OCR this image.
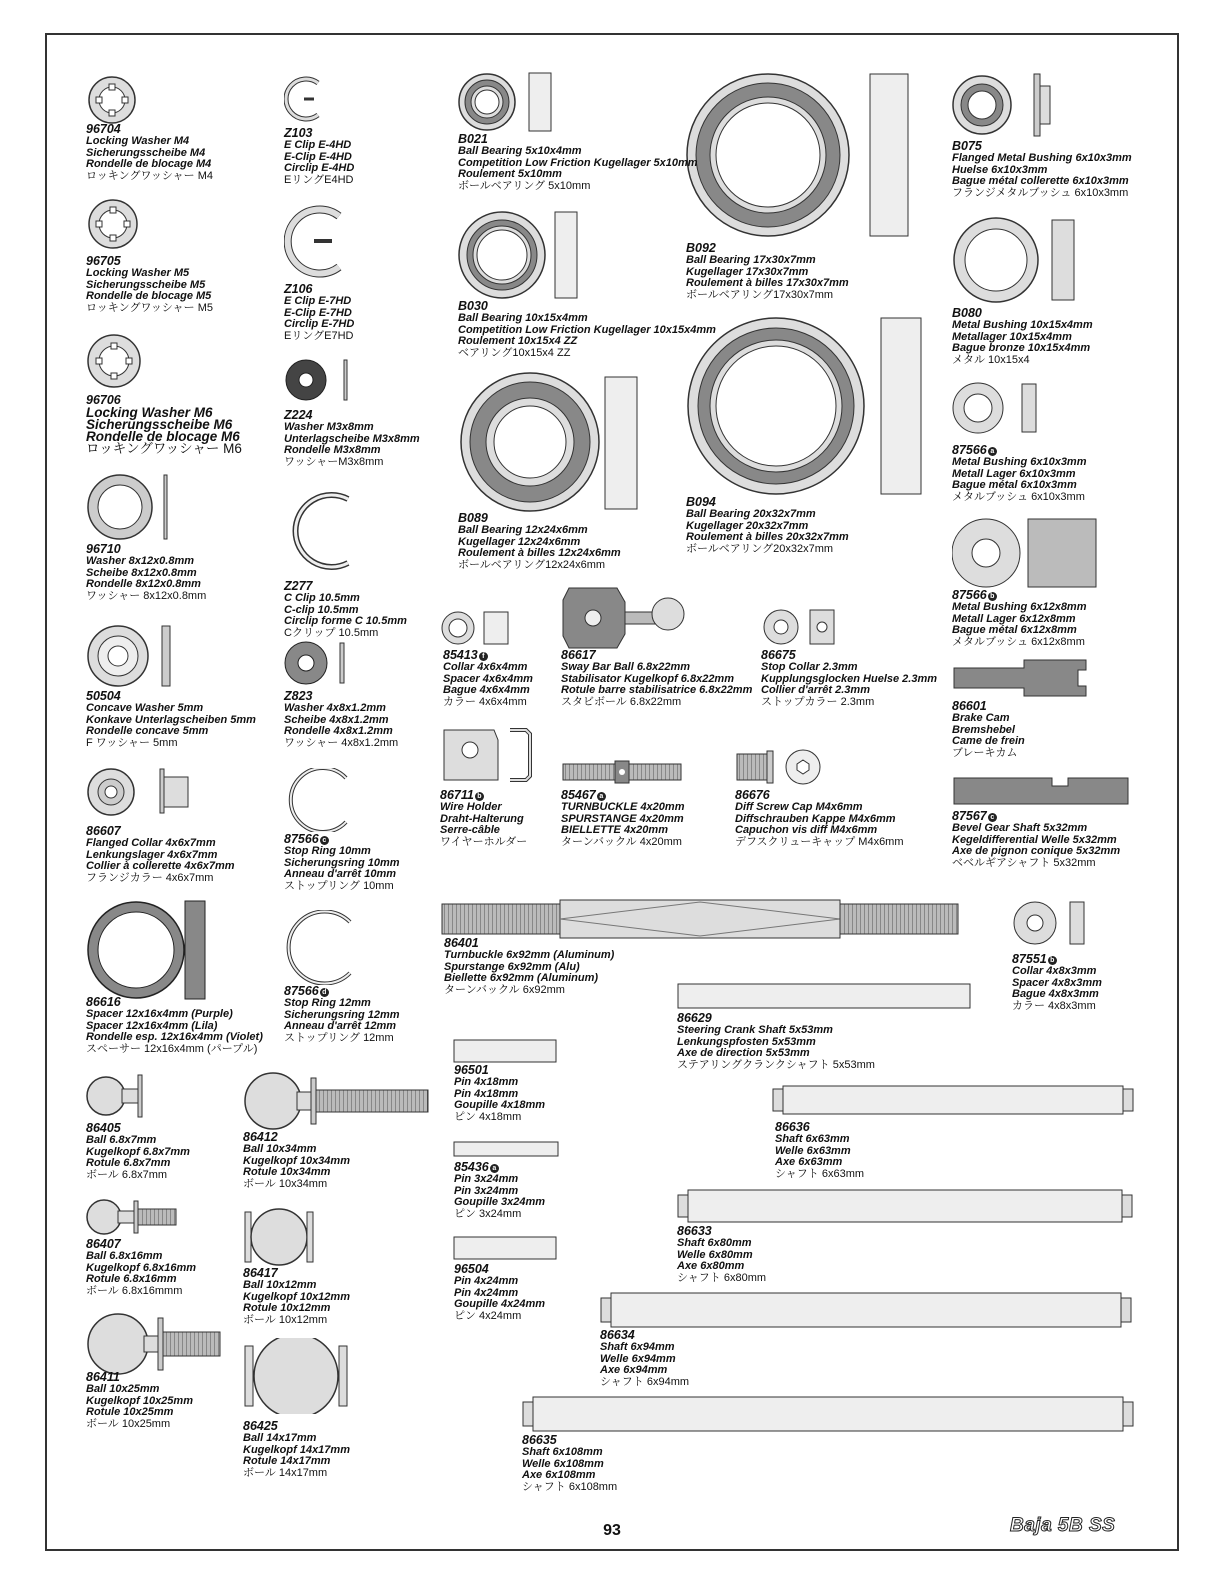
96704
Locking Washer M4
Sicherungsscheibe M4
Rondelle de blocage M4
ロッキングワッシャー M4
96705
Locking Washer M5
Sicherungsscheibe M5
Rondelle de blocage M5
ロッキングワッシャー M5
96706
Locking Washer M6
Sicherungsscheibe M6
Rondelle de blocage M6
ロッキングワッシャー M6
96710
Washer 8x12x0.8mm
Scheibe 8x12x0.8mm
Rondelle 8x12x0.8mm
ワッシャー 8x12x0.8mm
50504
Concave Washer 5mm
Konkave Unterlagscheiben 5mm
Rondelle concave 5mm
F ワッシャー 5mm
86607
Flanged Collar 4x6x7mm
Lenkungslager 4x6x7mm
Collier à collerette 4x6x7mm
フランジカラー 4x6x7mm
86616
Spacer 12x16x4mm (Purple)
Spacer 12x16x4mm (Lila)
Rondelle esp. 12x16x4mm (Violet)
スペーサー 12x16x4mm (パープル)
86405
Ball 6.8x7mm
Kugelkopf 6.8x7mm
Rotule 6.8x7mm
ボール 6.8x7mm
86407
Ball 6.8x16mm
Kugelkopf 6.8x16mm
Rotule 6.8x16mm
ボール 6.8x16mmm
86411
Ball 10x25mm
Kugelkopf 10x25mm
Rotule 10x25mm
ボール 10x25mm
Z103
E Clip E-4HD
E-Clip E-4HD
Circlip E-4HD
EリングE4HD
Z106
E Clip E-7HD
E-Clip E-7HD
Circlip E-7HD
EリングE7HD
Z224
Washer M3x8mm
Unterlagscheibe M3x8mm
Rondelle M3x8mm
ワッシャーM3x8mm
Z277
C Clip 10.5mm
C-clip 10.5mm
Circlip forme C 10.5mm
Cクリップ 10.5mm
Z823
Washer 4x8x1.2mm
Scheibe 4x8x1.2mm
Rondelle 4x8x1.2mm
ワッシャー 4x8x1.2mm
87566 c
Stop Ring 10mm
Sicherungsring 10mm
Anneau d'arrêt 10mm
ストップリング 10mm
87566 d
Stop Ring 12mm
Sicherungsring 12mm
Anneau d'arrêt 12mm
ストップリング 12mm
86412
Ball 10x34mm
Kugelkopf 10x34mm
Rotule 10x34mm
ボール 10x34mm
86417
Ball 10x12mm
Kugelkopf 10x12mm
Rotule 10x12mm
ボール 10x12mm
86425
Ball 14x17mm
Kugelkopf 14x17mm
Rotule 14x17mm
ボール 14x17mm
B021
Ball Bearing 5x10x4mm
Competition Low Friction Kugellager 5x10mm
Roulement 5x10mm
ボールベアリング 5x10mm
B030
Ball Bearing 10x15x4mm
Competition Low Friction Kugellager 10x15x4mm
Roulement 10x15x4 ZZ
ベアリング10x15x4 ZZ
B089
Ball Bearing 12x24x6mm
Kugellager 12x24x6mm
Roulement à billes 12x24x6mm
ボールベアリング12x24x6mm
B092
Ball Bearing 17x30x7mm
Kugellager 17x30x7mm
Roulement à billes 17x30x7mm
ボールベアリング17x30x7mm
B094
Ball Bearing 20x32x7mm
Kugellager 20x32x7mm
Roulement à billes 20x32x7mm
ボールベアリング20x32x7mm
85413 f
Collar 4x6x4mm
Spacer 4x6x4mm
Bague 4x6x4mm
カラー 4x6x4mm
86617
Sway Bar Ball 6.8x22mm
Stabilisator Kugelkopf 6.8x22mm
Rotule barre stabilisatrice 6.8x22mm
スタビボール 6.8x22mm
86675
Stop Collar 2.3mm
Kupplungsglocken Huelse 2.3mm
Collier d'arrêt 2.3mm
ストップカラー 2.3mm
86711 b
Wire Holder
Draht-Halterung
Serre-câble
ワイヤーホルダー
85467 a
TURNBUCKLE 4x20mm
SPURSTANGE 4x20mm
BIELLETTE 4x20mm
ターンバックル 4x20mm
86676
Diff Screw Cap M4x6mm
Diffschrauben Kappe M4x6mm
Capuchon vis diff M4x6mm
デフスクリューキャップ M4x6mm
B075
Flanged Metal Bushing 6x10x3mm
Huelse 6x10x3mm
Bague métal collerette 6x10x3mm
フランジメタルブッシュ 6x10x3mm
B080
Metal Bushing 10x15x4mm
Metallager 10x15x4mm
Bague bronze 10x15x4mm
メタル 10x15x4
87566 a
Metal Bushing 6x10x3mm
Metall Lager 6x10x3mm
Bague métal 6x10x3mm
メタルブッシュ 6x10x3mm
87566 b
Metal Bushing 6x12x8mm
Metall Lager 6x12x8mm
Bague métal 6x12x8mm
メタルブッシュ 6x12x8mm
86601
Brake Cam
Bremshebel
Came de frein
ブレーキカム
87567 c
Bevel Gear Shaft 5x32mm
Kegeldifferential Welle 5x32mm
Axe de pignon conique 5x32mm
ベベルギアシャフト 5x32mm
86401
Turnbuckle 6x92mm (Aluminum)
Spurstange 6x92mm (Alu)
Biellette 6x92mm (Aluminum)
ターンバックル 6x92mm
87551 b
Collar 4x8x3mm
Spacer 4x8x3mm
Bague 4x8x3mm
カラー 4x8x3mm
86629
Steering Crank Shaft 5x53mm
Lenkungspfosten 5x53mm
Axe de direction 5x53mm
ステアリングクランクシャフト 5x53mm
96501
Pin 4x18mm
Pin 4x18mm
Goupille 4x18mm
ピン 4x18mm
86636
Shaft 6x63mm
Welle 6x63mm
Axe 6x63mm
シャフト 6x63mm
85436 a
Pin 3x24mm
Pin 3x24mm
Goupille 3x24mm
ピン 3x24mm
86633
Shaft 6x80mm
Welle 6x80mm
Axe 6x80mm
シャフト 6x80mm
96504
Pin 4x24mm
Pin 4x24mm
Goupille 4x24mm
ピン 4x24mm
86634
Shaft 6x94mm
Welle 6x94mm
Axe 6x94mm
シャフト 6x94mm
86635
Shaft 6x108mm
Welle 6x108mm
Axe 6x108mm
シャフト 6x108mm
93	Baja 5B SS
